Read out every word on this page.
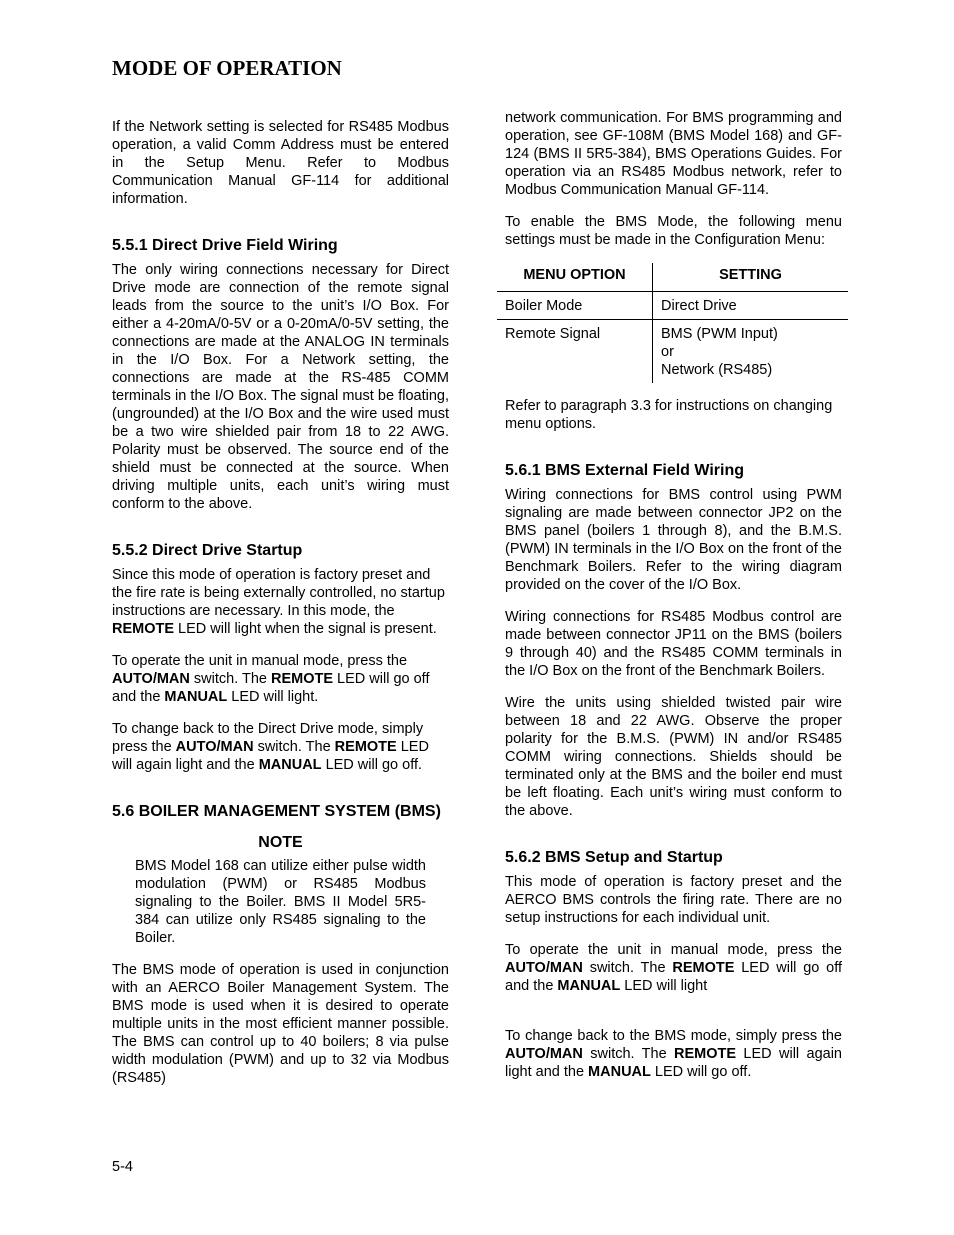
MODE OF OPERATION

If the Network setting is selected for RS485 Modbus operation, a valid Comm Address must be entered in the Setup Menu. Refer to Modbus Communication Manual GF-114 for additional information.

5.5.1 Direct Drive Field Wiring

The only wiring connections necessary for Direct Drive mode are connection of the remote signal leads from the source to the unit’s I/O Box. For either a 4-20mA/0-5V or a 0-20mA/0-5V setting, the connections are made at the ANALOG IN terminals in the I/O Box. For a Network setting, the connections are made at the RS-485 COMM terminals in the I/O Box. The signal must be floating, (ungrounded) at the I/O Box and the wire used must be a two wire shielded pair from 18 to 22 AWG. Polarity must be observed. The source end of the shield must be connected at the source. When driving multiple units, each unit’s wiring must conform to the above.

5.5.2 Direct Drive Startup

Since this mode of operation is factory preset and the fire rate is being externally controlled, no startup instructions are necessary. In this mode, the REMOTE LED will light when the signal is present.

To operate the unit in manual mode, press the AUTO/MAN switch. The REMOTE LED will go off and the MANUAL LED will light.

To change back to the Direct Drive mode, simply press the AUTO/MAN switch. The REMOTE LED will again light and the MANUAL LED will go off.

5.6 BOILER MANAGEMENT SYSTEM (BMS)
NOTE

BMS Model 168 can utilize either pulse width modulation (PWM) or RS485 Modbus signaling to the Boiler. BMS II Model 5R5-384 can utilize only RS485 signaling to the Boiler.

The BMS mode of operation is used in conjunction with an AERCO Boiler Management System. The BMS mode is used when it is desired to operate multiple units in the most efficient manner possible. The BMS can control up to 40 boilers; 8 via pulse width modulation (PWM) and up to 32 via Modbus (RS485)

network communication. For BMS programming and operation, see GF-108M (BMS Model 168) and GF-124 (BMS II 5R5-384), BMS Operations Guides. For operation via an RS485 Modbus network, refer to Modbus Communication Manual GF-114.

To enable the BMS Mode, the following menu settings must be made in the Configuration Menu:

MENU OPTION	SETTING
Boiler Mode	Direct Drive
Remote Signal	BMS (PWM Input)
or
Network (RS485)

Refer to paragraph 3.3 for instructions on changing menu options.

5.6.1 BMS External Field Wiring

Wiring connections for BMS control using PWM signaling are made between connector JP2 on the BMS panel (boilers 1 through 8), and the B.M.S. (PWM) IN terminals in the I/O Box on the front of the Benchmark Boilers. Refer to the wiring diagram provided on the cover of the I/O Box.

Wiring connections for RS485 Modbus control are made between connector JP11 on the BMS (boilers 9 through 40) and the RS485 COMM terminals in the I/O Box on the front of the Benchmark Boilers.

Wire the units using shielded twisted pair wire between 18 and 22 AWG. Observe the proper polarity for the B.M.S. (PWM) IN and/or RS485 COMM wiring connections. Shields should be terminated only at the BMS and the boiler end must be left floating. Each unit’s wiring must conform to the above.

5.6.2 BMS Setup and Startup

This mode of operation is factory preset and the AERCO BMS controls the firing rate. There are no setup instructions for each individual unit.

To operate the unit in manual mode, press the AUTO/MAN switch. The REMOTE LED will go off and the MANUAL LED will light

To change back to the BMS mode, simply press the AUTO/MAN switch. The REMOTE LED will again light and the MANUAL LED will go off.

5-4
